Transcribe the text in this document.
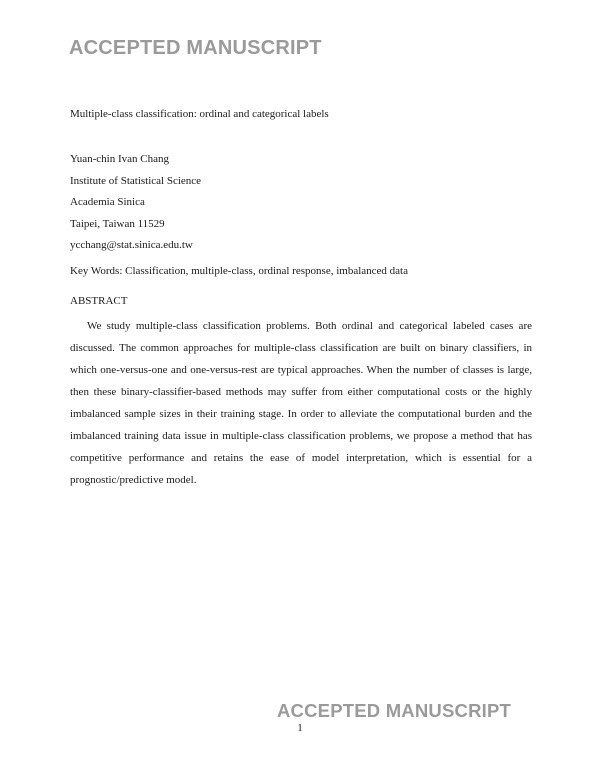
ACCEPTED MANUSCRIPT
Multiple-class classification: ordinal and categorical labels
Yuan-chin Ivan Chang
Institute of Statistical Science
Academia Sinica
Taipei, Taiwan 11529
ycchang@stat.sinica.edu.tw
Key Words: Classification, multiple-class, ordinal response, imbalanced data
ABSTRACT

We study multiple-class classification problems. Both ordinal and categorical labeled cases are discussed. The common approaches for multiple-class classification are built on binary classifiers, in which one-versus-one and one-versus-rest are typical approaches. When the number of classes is large, then these binary-classifier-based methods may suffer from either computational costs or the highly imbalanced sample sizes in their training stage. In order to alleviate the computational burden and the imbalanced training data issue in multiple-class classification problems, we propose a method that has competitive performance and retains the ease of model interpretation, which is essential for a prognostic/predictive model.

ACCEPTED MANUSCRIPT
1
